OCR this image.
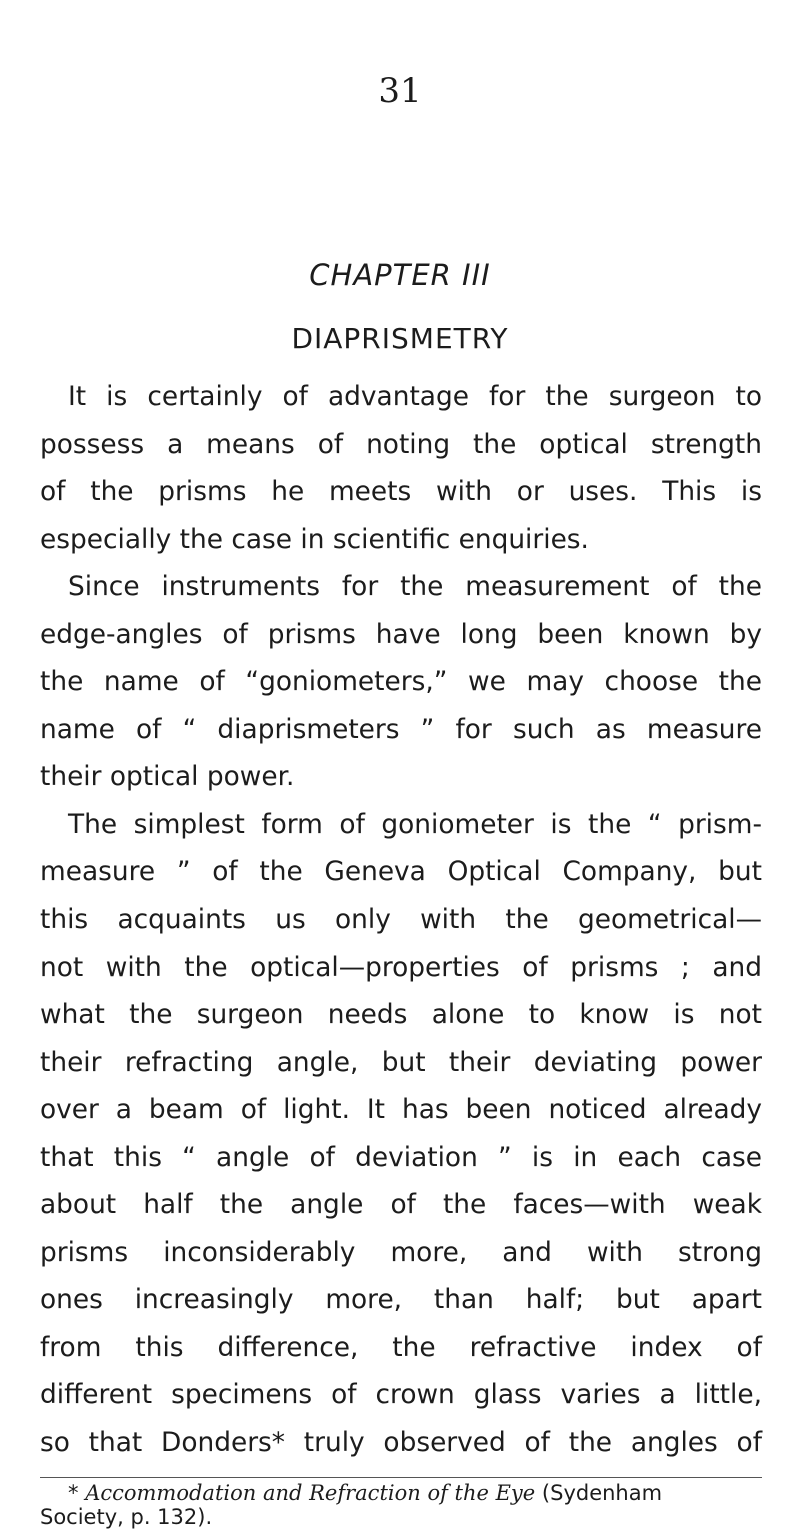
31
CHAPTER III
DIAPRISMETRY
It is certainly of advantage for the surgeon to
possess a means of noting the optical strength
of the prisms he meets with or uses. This is
especially the case in scientific enquiries.
Since instruments for the measurement of the
edge-angles of prisms have long been known by
the name of “goniometers,” we may choose the
name of “ diaprismeters ” for such as measure
their optical power.
The simplest form of goniometer is the “ prism-
measure ” of the Geneva Optical Company, but
this acquaints us only with the geometrical—
not with the optical—properties of prisms ; and
what the surgeon needs alone to know is not
their refracting angle, but their deviating power
over a beam of light. It has been noticed already
that this “ angle of deviation ” is in each case
about half the angle of the faces—with weak
prisms inconsiderably more, and with strong
ones increasingly more, than half; but apart
from this difference, the refractive index of
different specimens of crown glass varies a little,
so that Donders* truly observed of the angles of
* Accommodation and Refraction of the Eye (Sydenham
Society, p. 132).
